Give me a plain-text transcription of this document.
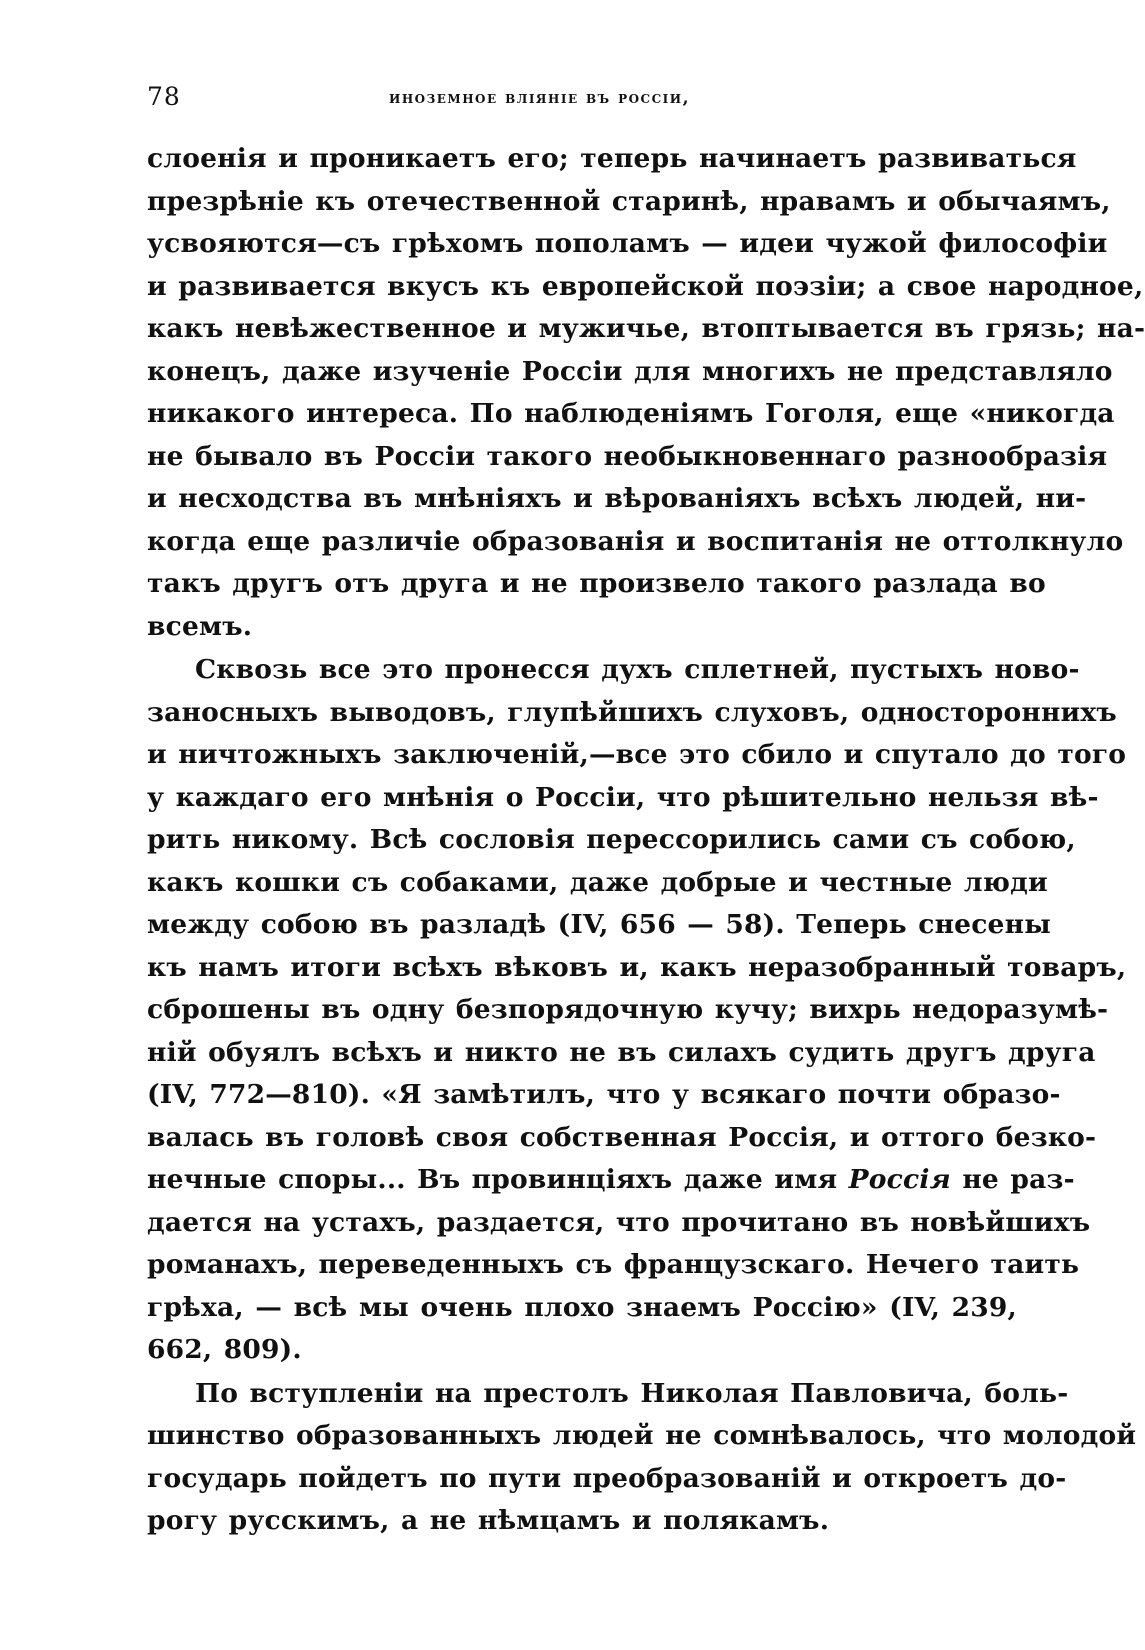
78	иноземное вліяніе въ россіи,

слоенія и проникаетъ его; теперь начинаетъ развиваться
презрѣніе къ отечественной старинѣ, нравамъ и обычаямъ,
усвояются—съ грѣхомъ пополамъ — идеи чужой философіи
и развивается вкусъ къ европейской поэзіи; а свое народное,
какъ невѣжественное и мужичье, втоптывается въ грязь; на-
конецъ, даже изученіе Россіи для многихъ не представляло
никакого интереса. По наблюденіямъ Гоголя, еще «никогда
не бывало въ Россіи такого необыкновеннаго разнообразія
и несходства въ мнѣніяхъ и вѣрованіяхъ всѣхъ людей, ни-
когда еще различіе образованія и воспитанія не оттолкнуло
такъ другъ отъ друга и не произвело такого разлада во
всемъ.

Сквозь все это пронесся духъ сплетней, пустыхъ ново-
заносныхъ выводовъ, глупѣйшихъ слуховъ, одностороннихъ
и ничтожныхъ заключеній,—все это сбило и спутало до того
у каждаго его мнѣнія о Россіи, что рѣшительно нельзя вѣ-
рить никому. Всѣ сословія перессорились сами съ собою,
какъ кошки съ собаками, даже добрые и честные люди
между собою въ разладѣ (IV, 656 — 58). Теперь снесены
къ намъ итоги всѣхъ вѣковъ и, какъ неразобранный товаръ,
сброшены въ одну безпорядочную кучу; вихрь недоразумѣ-
ній обуялъ всѣхъ и никто не въ силахъ судить другъ друга
(IV, 772—810). «Я замѣтилъ, что у всякаго почти образо-
валась въ головѣ своя собственная Россія, и оттого безко-
нечные споры... Въ провинціяхъ даже имя Россія не раз-
дается на устахъ, раздается, что прочитано въ новѣйшихъ
романахъ, переведенныхъ съ французскаго. Нечего таить
грѣха, — всѣ мы очень плохо знаемъ Россію» (IV, 239,
662, 809).

По вступленіи на престолъ Николая Павловича, боль-
шинство образованныхъ людей не сомнѣвалось, что молодой
государь пойдетъ по пути преобразованій и откроетъ до-
рогу русскимъ, а не нѣмцамъ и полякамъ.
